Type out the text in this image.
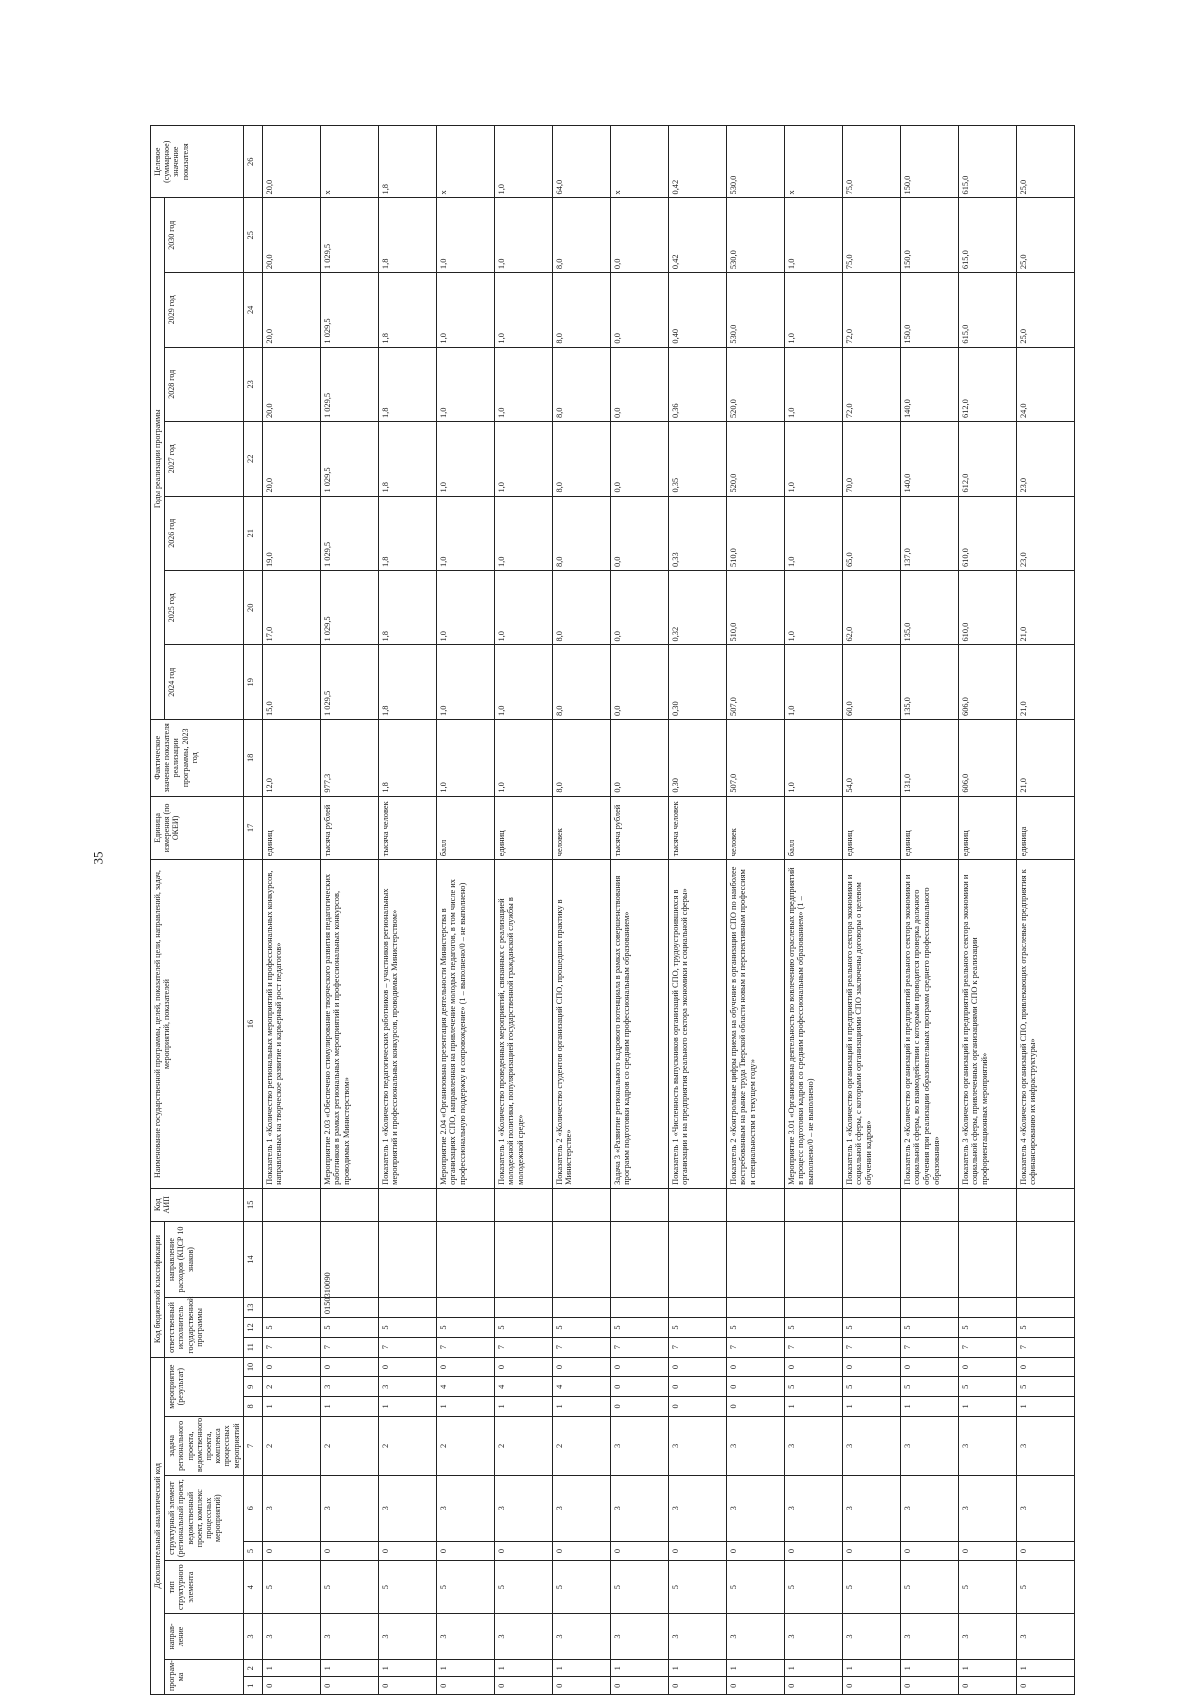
35
Дополнительный аналитический код										Код бюджетной классификации				Код АИП	Наименование государственной программы, целей, показателей цели, направлений, задач, мероприятий, показателей	Единица измерения (по ОКЕИ)	Фактическое значение показателя реализации программы, 2023 год	Годы реализации программы							Целевое (суммарное) значение показателя
програм-ма		направ-ление	тип структурного элемента	структурный элемент (региональный проект, ведомственный проект, комплекс процессных мероприятий)		задача регионального проекта, ведомственного проекта, комплекса процессных мероприятий	мероприятие (результат)			ответственный исполнитель государственной программы			направление расходов (КЦСР 10 знаков)					2024 год	2025 год	2026 год	2027 год	2028 год	2029 год	2030 год	

1	2	3	4	5	6	7	8	9	10	11	12	13	14	15	16	17	18	19	20	21	22	23	24	25	26
0	1	3	5	0	3	2	1	2	0	7	5				Показатель 1 «Количество региональных мероприятий и профессиональных конкурсов, направленных на творческое развитие и карьерный рост педагогов»	единиц	12,0	15,0	17,0	19,0	20,0	20,0	20,0	20,0	20,0
0	1	3	5	0	3	2	1	3	0	7	5	0150310090			Мероприятие 2.03 «Обеспечено стимулирование творческого развития педагогических работников в рамках региональных мероприятий и профессиональных конкурсов, проводимых Министерством»	тысяча рублей	977,3	1 029,5	1 029,5	1 029,5	1 029,5	1 029,5	1 029,5	1 029,5	x
0	1	3	5	0	3	2	1	3	0	7	5				Показатель 1 «Количество педагогических работников – участников региональных мероприятий и профессиональных конкурсов, проводимых Министерством»	тысяча человек	1,8	1,8	1,8	1,8	1,8	1,8	1,8	1,8	1,8
0	1	3	5	0	3	2	1	4	0	7	5				Мероприятие 2.04 «Организована презентация деятельности Министерства в организациях СПО, направленная на привлечение молодых педагогов, в том числе их профессиональную поддержку и сопровождение» (1 – выполнено/0 – не выполнено)	балл	1,0	1,0	1,0	1,0	1,0	1,0	1,0	1,0	x
0	1	3	5	0	3	2	1	4	0	7	5				Показатель 1 «Количество проведенных мероприятий, связанных с реализацией молодежной политики, популяризацией государственной гражданской службы в молодежной среде»	единиц	1,0	1,0	1,0	1,0	1,0	1,0	1,0	1,0	1,0
0	1	3	5	0	3	2	1	4	0	7	5				Показатель 2 «Количество студентов организаций СПО, прошедших практику в Министерстве»	человек	8,0	8,0	8,0	8,0	8,0	8,0	8,0	8,0	64,0
0	1	3	5	0	3	3	0	0	0	7	5				Задача 3 «Развитие регионального кадрового потенциала в рамках совершенствования программ подготовки кадров со средним профессиональным образованием»	тысяча рублей	0,0	0,0	0,0	0,0	0,0	0,0	0,0	0,0	x
0	1	3	5	0	3	3	0	0	0	7	5				Показатель 1 «Численность выпускников организаций СПО, трудоустроившихся в организации и на предприятия реального сектора экономики и социальной сферы»	тысяча человек	0,30	0,30	0,32	0,33	0,35	0,36	0,40	0,42	0,42
0	1	3	5	0	3	3	0	0	0	7	5				Показатель 2 «Контрольные цифры приема на обучение в организации СПО по наиболее востребованным на рынке труда Тверской области новым и перспективным профессиям и специальностям в текущем году»	человек	507,0	507,0	510,0	510,0	520,0	520,0	530,0	530,0	530,0
0	1	3	5	0	3	3	1	5	0	7	5				Мероприятие 3.01 «Организована деятельность по вовлечению отраслевых предприятий в процесс подготовки кадров со средним профессиональным образованием» (1 – выполнено/0 – не выполнено)	балл	1,0	1,0	1,0	1,0	1,0	1,0	1,0	1,0	x
0	1	3	5	0	3	3	1	5	0	7	5				Показатель 1 «Количество организаций и предприятий реального сектора экономики и социальной сферы, с которыми организациями СПО заключены договоры о целевом обучении кадров»	единиц	54,0	60,0	62,0	65,0	70,0	72,0	72,0	75,0	75,0
0	1	3	5	0	3	3	1	5	0	7	5				Показатель 2 «Количество организаций и предприятий реального сектора экономики и социальной сферы, во взаимодействии с которыми проводится проверка должного обучения при реализации образовательных программ среднего профессионального образования»	единиц	131,0	135,0	135,0	137,0	140,0	140,0	150,0	150,0	150,0
0	1	3	5	0	3	3	1	5	0	7	5				Показатель 3 «Количество организаций и предприятий реального сектора экономики и социальной сферы, привлеченных организациями СПО к реализации профориентационных мероприятий»	единиц	606,0	606,0	610,0	610,0	612,0	612,0	615,0	615,0	615,0
0	1	3	5	0	3	3	1	5	0	7	5				Показатель 4 «Количество организаций СПО, привлекающих отраслевые предприятия к софинансированию их инфраструктуры»	единица	21,0	21,0	21,0	23,0	23,0	24,0	25,0	25,0	25,0
